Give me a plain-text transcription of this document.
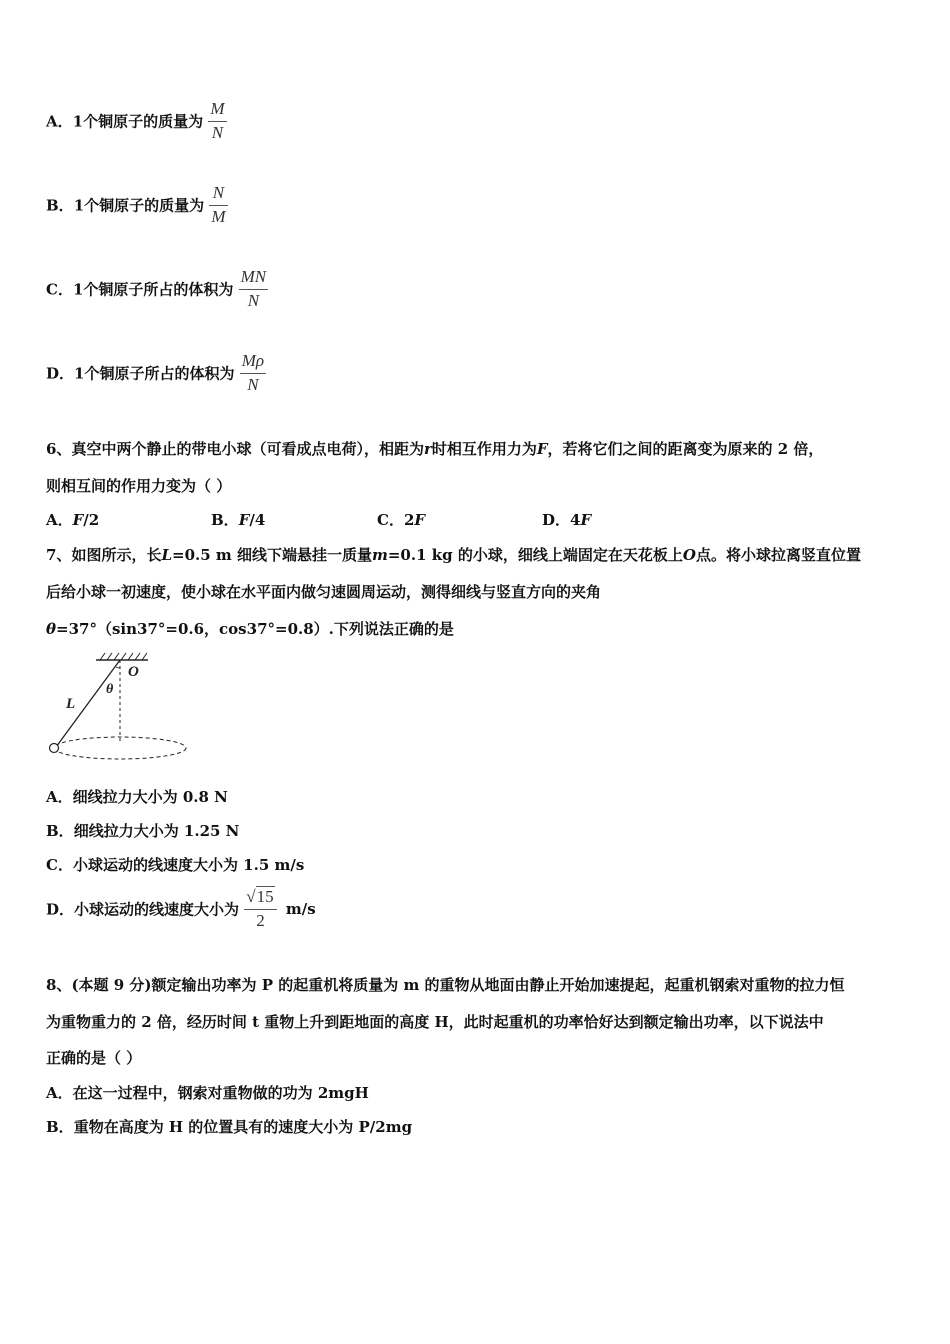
A．1个铜原子的质量为 $\frac{M}{N}$
B．1个铜原子的质量为 $\frac{N}{M}$
C．1个铜原子所占的体积为 $\frac{MN}{N}$
D．1个铜原子所占的体积为 $\frac{M\rho}{N}$
6、真空中两个静止的带电小球（可看成点电荷），相距为r时相互作用力为F，若将它们之间的距离变为原来的 2 倍，
则相互间的作用力变为（ ）
A．F/2	B．F/4	C．2F	D．4F
7、如图所示，长L=0.5 m 细线下端悬挂一质量m=0.1 kg 的小球，细线上端固定在天花板上O点。将小球拉离竖直位置
后给小球一初速度，使小球在水平面内做匀速圆周运动，测得细线与竖直方向的夹角
θ=37°（sin37°=0.6，cos37°=0.8）.下列说法正确的是
O
θ
L
A．细线拉力大小为 0.8 N
B．细线拉力大小为 1.25 N
C．小球运动的线速度大小为 1.5 m/s
D．小球运动的线速度大小为 $\frac{√15}{2} m/s$
8、(本题 9 分)额定输出功率为 P 的起重机将质量为 m 的重物从地面由静止开始加速提起，起重机钢索对重物的拉力恒
为重物重力的 2 倍，经历时间 t 重物上升到距地面的高度 H，此时起重机的功率恰好达到额定输出功率，以下说法中
正确的是（ ）
A．在这一过程中，钢索对重物做的功为 2mgH
B．重物在高度为 H 的位置具有的速度大小为 P/2mg
